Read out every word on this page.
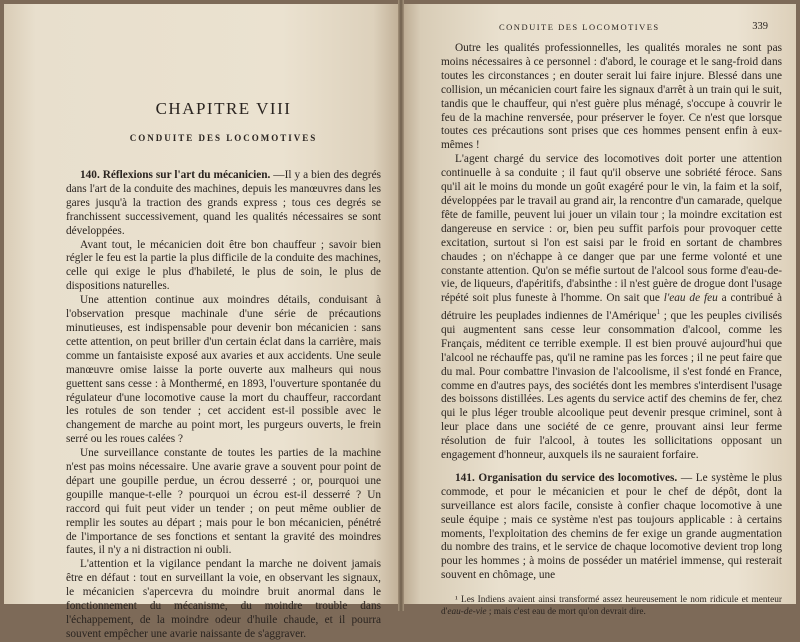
CHAPITRE VIII
CONDUITE DES LOCOMOTIVES

140. Réflexions sur l'art du mécanicien. —Il y a bien des degrés dans l'art de la conduite des machines, depuis les manœuvres dans les gares jusqu'à la traction des grands express ; tous ces degrés se franchissent successivement, quand les qualités nécessaires se sont développées.

Avant tout, le mécanicien doit être bon chauffeur ; savoir bien régler le feu est la partie la plus difficile de la conduite des machines, celle qui exige le plus d'habileté, le plus de soin, le plus de dispositions naturelles.

Une attention continue aux moindres détails, conduisant à l'observation presque machinale d'une série de précautions minutieuses, est indispensable pour devenir bon mécanicien : sans cette attention, on peut briller d'un certain éclat dans la carrière, mais comme un fantaisiste exposé aux avaries et aux accidents. Une seule manœuvre omise laisse la porte ouverte aux malheurs qui nous guettent sans cesse : à Monthermé, en 1893, l'ouverture spontanée du régulateur d'une locomotive cause la mort du chauffeur, raccordant les rotules de son tender ; cet accident est-il possible avec le changement de marche au point mort, les purgeurs ouverts, le frein serré ou les roues calées ?

Une surveillance constante de toutes les parties de la machine n'est pas moins nécessaire. Une avarie grave a souvent pour point de départ une goupille perdue, un écrou desserré ; or, pourquoi une goupille manque-t-elle ? pourquoi un écrou est-il desserré ? Un raccord qui fuit peut vider un tender ; on peut même oublier de remplir les soutes au départ ; mais pour le bon mécanicien, pénétré de l'importance de ses fonctions et sentant la gravité des moindres fautes, il n'y a ni distraction ni oubli.

L'attention et la vigilance pendant la marche ne doivent jamais être en défaut : tout en surveillant la voie, en observant les signaux, le mécanicien s'apercevra du moindre bruit anormal dans le fonctionnement du mécanisme, du moindre trouble dans l'échappement, de la moindre odeur d'huile chaude, et il pourra souvent empêcher une avarie naissante de s'aggraver.

CONDUITE DES LOCOMOTIVES	339

Outre les qualités professionnelles, les qualités morales ne sont pas moins nécessaires à ce personnel : d'abord, le courage et le sang-froid dans toutes les circonstances ; en douter serait lui faire injure. Blessé dans une collision, un mécanicien court faire les signaux d'arrêt à un train qui le suit, tandis que le chauffeur, qui n'est guère plus ménagé, s'occupe à couvrir le feu de la machine renversée, pour préserver le foyer. Ce n'est que lorsque toutes ces précautions sont prises que ces hommes pensent enfin à eux-mêmes !

L'agent chargé du service des locomotives doit porter une attention continuelle à sa conduite ; il faut qu'il observe une sobriété féroce. Sans qu'il ait le moins du monde un goût exagéré pour le vin, la faim et la soif, développées par le travail au grand air, la rencontre d'un camarade, quelque fête de famille, peuvent lui jouer un vilain tour ; la moindre excitation est dangereuse en service : or, bien peu suffit parfois pour provoquer cette excitation, surtout si l'on est saisi par le froid en sortant de chambres chaudes ; on n'échappe à ce danger que par une ferme volonté et une constante attention. Qu'on se méfie surtout de l'alcool sous forme d'eau-de-vie, de liqueurs, d'apéritifs, d'absinthe : il n'est guère de drogue dont l'usage répété soit plus funeste à l'homme. On sait que l'eau de feu a contribué à détruire les peuplades indiennes de l'Amérique$^1$ ; que les peuples civilisés qui augmentent sans cesse leur consommation d'alcool, comme les Français, méditent ce terrible exemple. Il est bien prouvé aujourd'hui que l'alcool ne réchauffe pas, qu'il ne ramine pas les forces ; il ne peut faire que du mal. Pour combattre l'invasion de l'alcoolisme, il s'est fondé en France, comme en d'autres pays, des sociétés dont les membres s'interdisent l'usage des boissons distillées. Les agents du service actif des chemins de fer, chez qui le plus léger trouble alcoolique peut devenir presque criminel, sont à leur place dans une société de ce genre, prouvant ainsi leur ferme résolution de fuir l'alcool, à toutes les sollicitations opposant un engagement d'honneur, auxquels ils ne sauraient forfaire.

141. Organisation du service des locomotives. — Le système le plus commode, et pour le mécanicien et pour le chef de dépôt, dont la surveillance est alors facile, consiste à confier chaque locomotive à une seule équipe ; mais ce système n'est pas toujours applicable : à certains moments, l'exploitation des chemins de fer exige un grande augmentation du nombre des trains, et le service de chaque locomotive devient trop long pour les hommes ; à moins de posséder un matériel immense, qui resterait souvent en chômage, une

¹ Les Indiens avaient ainsi transformé assez heureusement le nom ridicule et menteur d'eau-de-vie ; mais c'est eau de mort qu'on devrait dire.
